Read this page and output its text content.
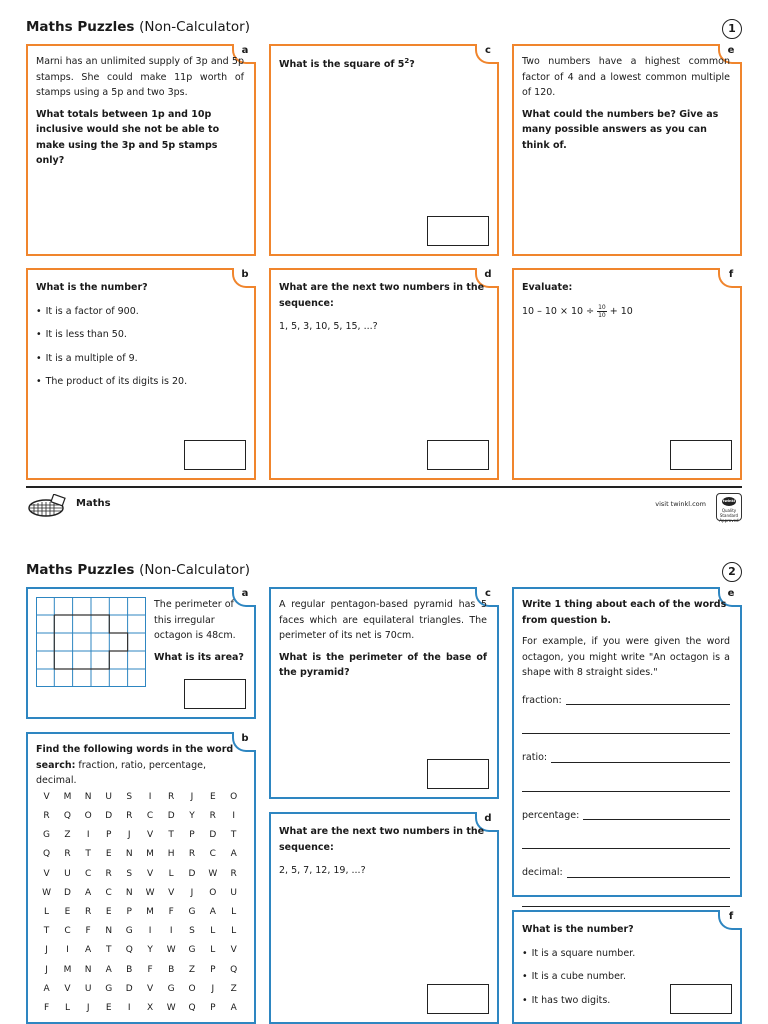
Maths Puzzles (Non-Calculator)	1
a

Marni has an unlimited supply of 3p and 5p stamps. She could make 11p worth of stamps using a 5p and two 3ps.

What totals between 1p and 10p inclusive would she not be able to make using the 3p and 5p stamps only?

c

What is the square of $5^2$?

e

Two numbers have a highest common factor of 4 and a lowest common multiple of 120.

What could the numbers be? Give as many possible answers as you can think of.

b

What is the number?

• It is a factor of 900.
• It is less than 50.
• It is a multiple of 9.
• The product of its digits is 20.
d

What are the next two numbers in the sequence:

1, 5, 3, 10, 5, 15, ...?

f

Evaluate:

$10 - 10 \times 10 \div \frac{10}{10} + 10$

Maths	visit twinkl.com	twinkl
Quality Standard Approved
Maths Puzzles (Non-Calculator)	2
a

The perimeter of this irregular octagon is 48cm.

What is its area?

b

Find the following words in the word search: fraction, ratio, percentage, decimal.

V	M	N	U	S	I	R	J	E	O
R	Q	O	D	R	C	D	Y	R	I
G	Z	I	P	J	V	T	P	D	T
Q	R	T	E	N	M	H	R	C	A
V	U	C	R	S	V	L	D	W	R
W	D	A	C	N	W	V	J	O	U
L	E	R	E	P	M	F	G	A	L
T	C	F	N	G	I	I	S	L	L
J	I	A	T	Q	Y	W	G	L	V
J	M	N	A	B	F	B	Z	P	Q
A	V	U	G	D	V	G	O	J	Z
F	L	J	E	I	X	W	Q	P	A
c

A regular pentagon-based pyramid has 5 faces which are equilateral triangles. The perimeter of its net is 70cm.

What is the perimeter of the base of the pyramid?

d

What are the next two numbers in the sequence:

2, 5, 7, 12, 19, ...?

e

Write 1 thing about each of the words from question b.

For example, if you were given the word octagon, you might write "An octagon is a shape with 8 straight sides."

fraction:
ratio:
percentage:
decimal:
f

What is the number?

• It is a square number.
• It is a cube number.
• It has two digits.
